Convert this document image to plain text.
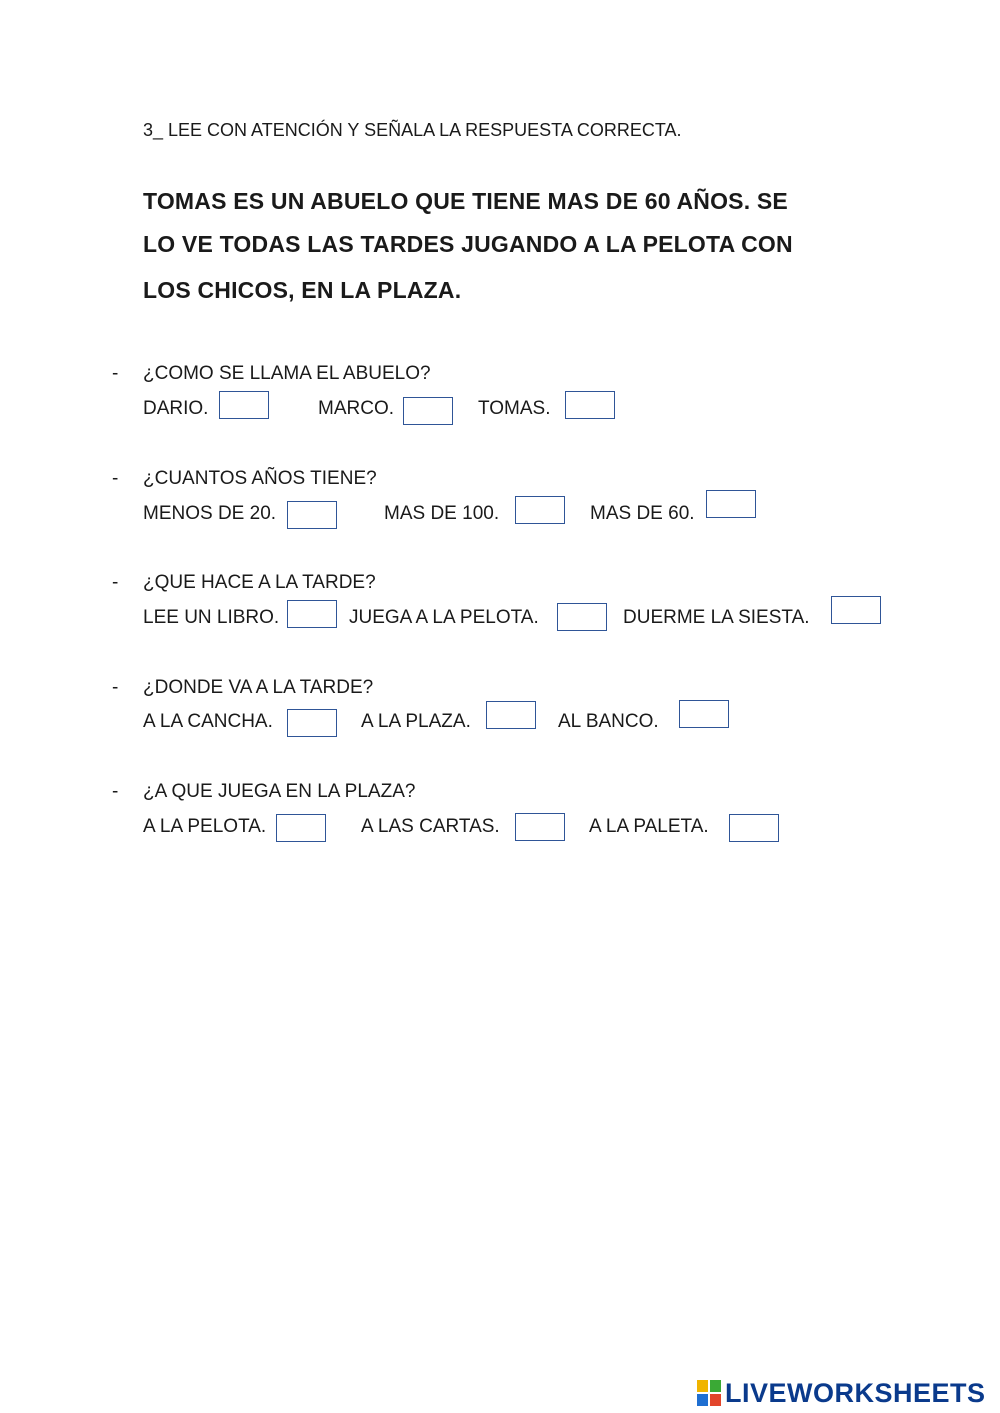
3_ LEE CON ATENCIÓN Y SEÑALA LA RESPUESTA CORRECTA.
TOMAS ES UN ABUELO QUE TIENE MAS DE 60 AÑOS. SE
LO VE TODAS LAS TARDES JUGANDO A LA PELOTA CON
LOS CHICOS, EN LA PLAZA.
- ¿COMO SE LLAMA EL ABUELO?
DARIO.	MARCO.	TOMAS.
- ¿CUANTOS AÑOS TIENE?
MENOS DE 20.	MAS DE 100.	MAS DE 60.
- ¿QUE HACE A LA TARDE?
LEE UN LIBRO.	JUEGA A LA PELOTA.	DUERME LA SIESTA.
- ¿DONDE VA A LA TARDE?
A LA CANCHA.	A LA PLAZA.	AL BANCO.
- ¿A QUE JUEGA EN LA PLAZA?
A LA PELOTA.	A LAS CARTAS.	A LA PALETA.
LIVEWORKSHEETS
